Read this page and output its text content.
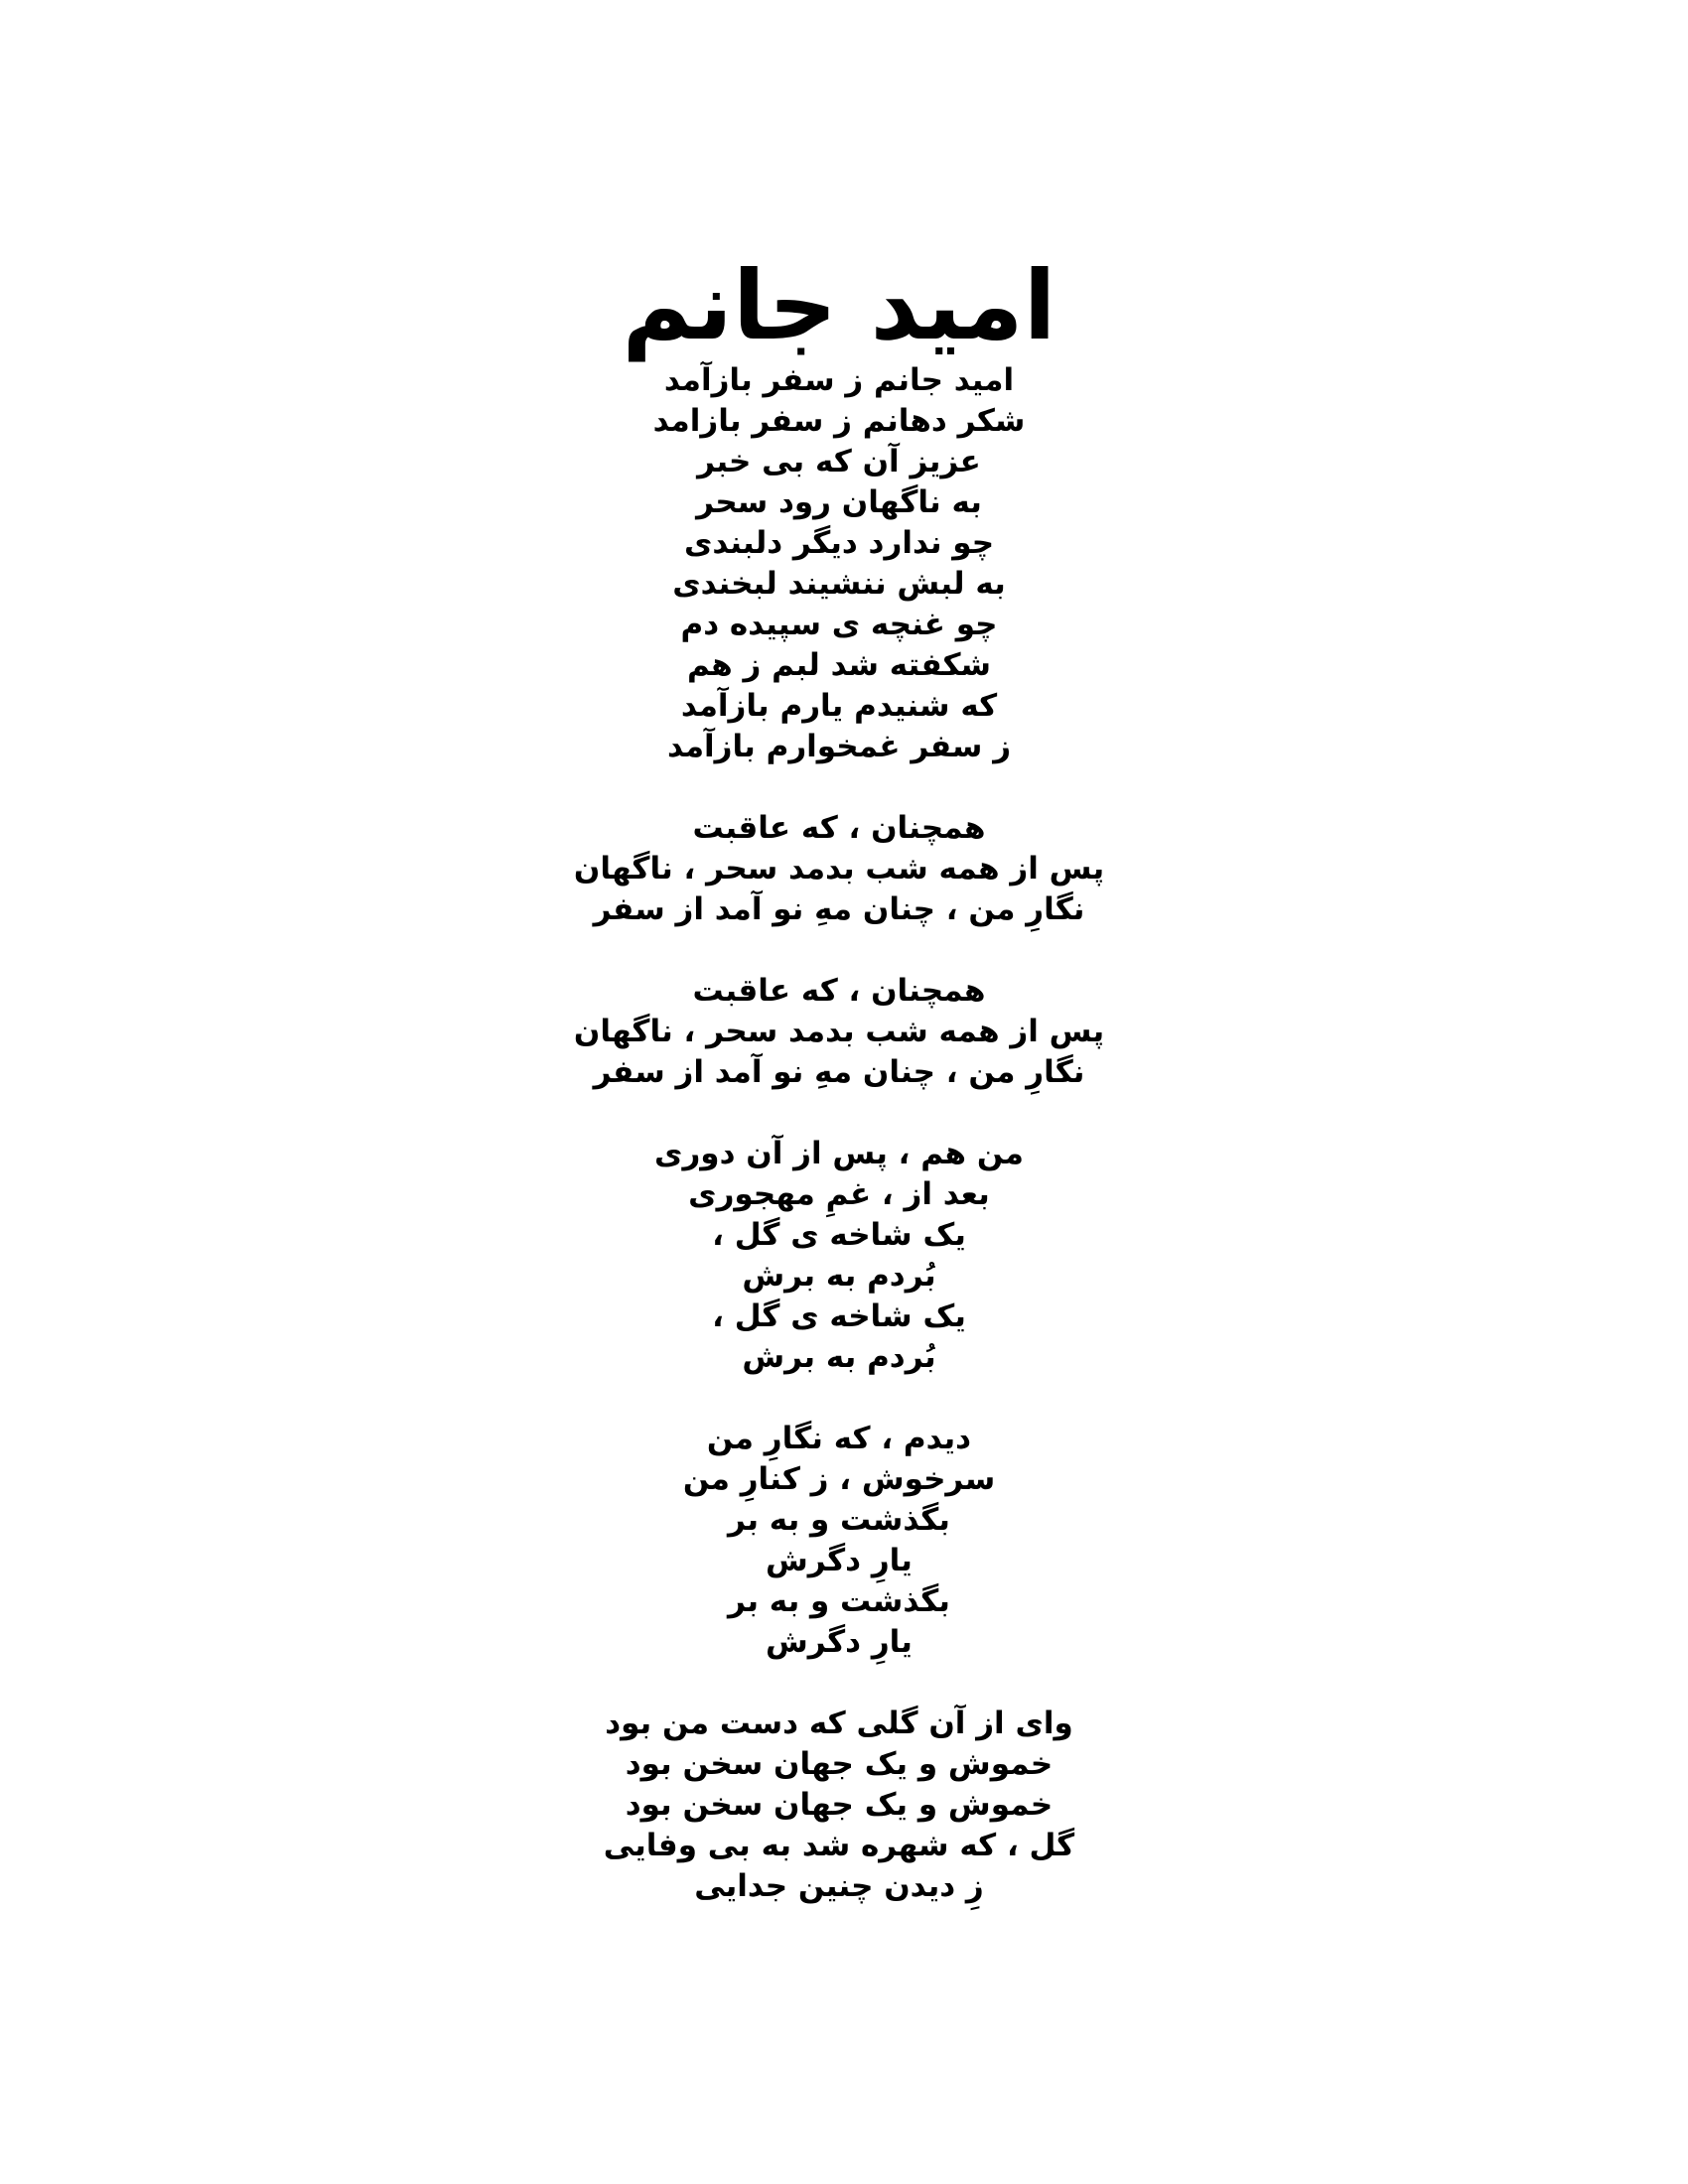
امید جانم
امید جانم ز سفر بازآمد
شکر دهانم ز سفر بازامد
عزیز آن که بی خبر
به ناگهان رود سحر
چو ندارد دیگر دلبندی
به لبش ننشیند لبخندی
چو غنچه ی سپیده دم
شکفته شد لبم ز هم
که شنیدم یارم بازآمد
ز سفر غمخوارم بازآمد
همچنان ، که عاقبت
پس از همه شب بدمد سحر ، ناگهان
نگارِ من ، چنان مهِ نو آمد از سفر
همچنان ، که عاقبت
پس از همه شب بدمد سحر ، ناگهان
نگارِ من ، چنان مهِ نو آمد از سفر
من هم ، پس از آن دوری
بعد از ، غمِ مهجوری
یک شاخه ی گل ،
بُردم به برش
یک شاخه ی گل ،
بُردم به برش
دیدم ، که نگارِ من
سرخوش ، ز کنارِ من
بگذشت و به بر
یارِ دگرش
بگذشت و به بر
یارِ دگرش
وای از آن گلی که دست من بود
خموش و یک جهان سخن بود
خموش و یک جهان سخن بود
گل ، که شهره شد به بی وفایی
زِ دیدن چنین جدایی
